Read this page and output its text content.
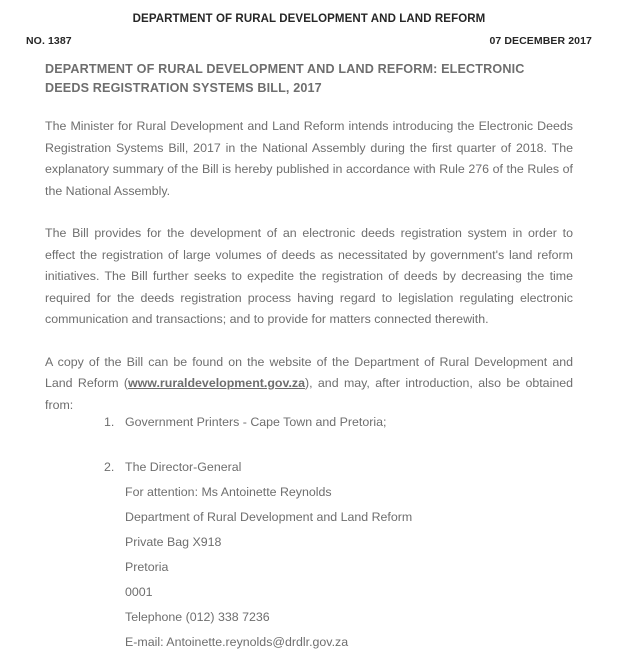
DEPARTMENT OF RURAL DEVELOPMENT AND LAND REFORM
NO. 1387	07 DECEMBER 2017
DEPARTMENT OF RURAL DEVELOPMENT AND LAND REFORM: ELECTRONIC DEEDS REGISTRATION SYSTEMS BILL, 2017

The Minister for Rural Development and Land Reform intends introducing the Electronic Deeds Registration Systems Bill, 2017 in the National Assembly during the first quarter of 2018. The explanatory summary of the Bill is hereby published in accordance with Rule 276 of the Rules of the National Assembly.

The Bill provides for the development of an electronic deeds registration system in order to effect the registration of large volumes of deeds as necessitated by government's land reform initiatives. The Bill further seeks to expedite the registration of deeds by decreasing the time required for the deeds registration process having regard to legislation regulating electronic communication and transactions; and to provide for matters connected therewith.

A copy of the Bill can be found on the website of the Department of Rural Development and Land Reform (www.ruraldevelopment.gov.za), and may, after introduction, also be obtained from:

1. Government Printers - Cape Town and Pretoria;
2. The Director-General
For attention: Ms Antoinette Reynolds
Department of Rural Development and Land Reform
Private Bag X918
Pretoria
0001
Telephone (012) 338 7236
E-mail: Antoinette.reynolds@drdlr.gov.za
